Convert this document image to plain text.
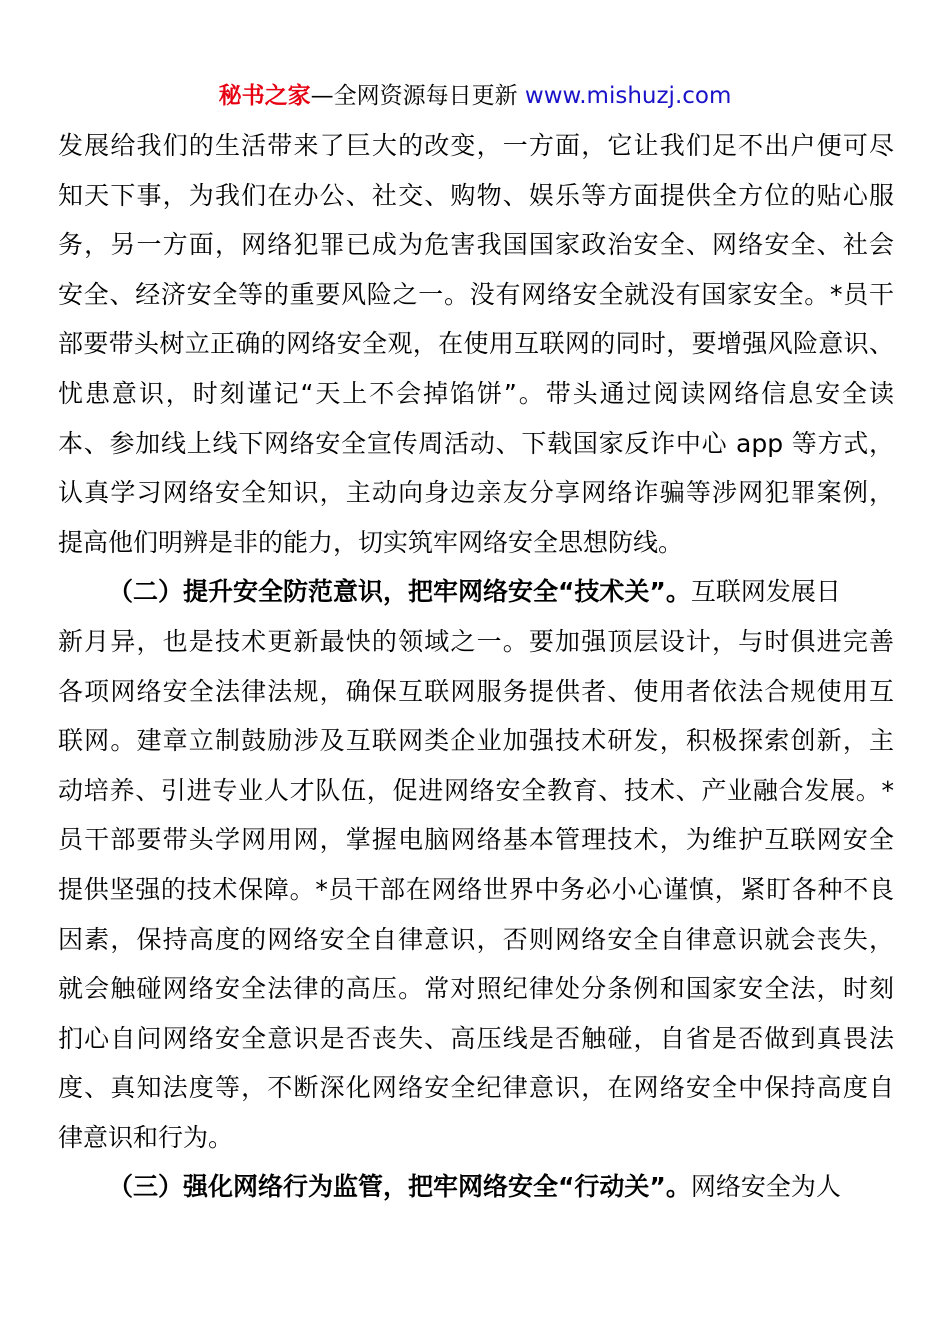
秘书之家—全网资源每日更新 www.mishuzj.com
发展给我们的生活带来了巨大的改变，一方面，它让我们足不出户便可尽
知天下事，为我们在办公、社交、购物、娱乐等方面提供全方位的贴心服
务，另一方面，网络犯罪已成为危害我国国家政治安全、网络安全、社会
安全、经济安全等的重要风险之一。没有网络安全就没有国家安全。*员干
部要带头树立正确的网络安全观，在使用互联网的同时，要增强风险意识、
忧患意识，时刻谨记“天上不会掉馅饼”。带头通过阅读网络信息安全读
本、参加线上线下网络安全宣传周活动、下载国家反诈中心 app 等方式，
认真学习网络安全知识，主动向身边亲友分享网络诈骗等涉网犯罪案例，
提高他们明辨是非的能力，切实筑牢网络安全思想防线。
（二）提升安全防范意识，把牢网络安全“技术关”。互联网发展日
新月异，也是技术更新最快的领域之一。要加强顶层设计，与时俱进完善
各项网络安全法律法规，确保互联网服务提供者、使用者依法合规使用互
联网。建章立制鼓励涉及互联网类企业加强技术研发，积极探索创新，主
动培养、引进专业人才队伍，促进网络安全教育、技术、产业融合发展。*
员干部要带头学网用网，掌握电脑网络基本管理技术，为维护互联网安全
提供坚强的技术保障。*员干部在网络世界中务必小心谨慎，紧盯各种不良
因素，保持高度的网络安全自律意识，否则网络安全自律意识就会丧失，
就会触碰网络安全法律的高压。常对照纪律处分条例和国家安全法，时刻
扪心自问网络安全意识是否丧失、高压线是否触碰，自省是否做到真畏法
度、真知法度等，不断深化网络安全纪律意识，在网络安全中保持高度自
律意识和行为。
（三）强化网络行为监管，把牢网络安全“行动关”。网络安全为人
